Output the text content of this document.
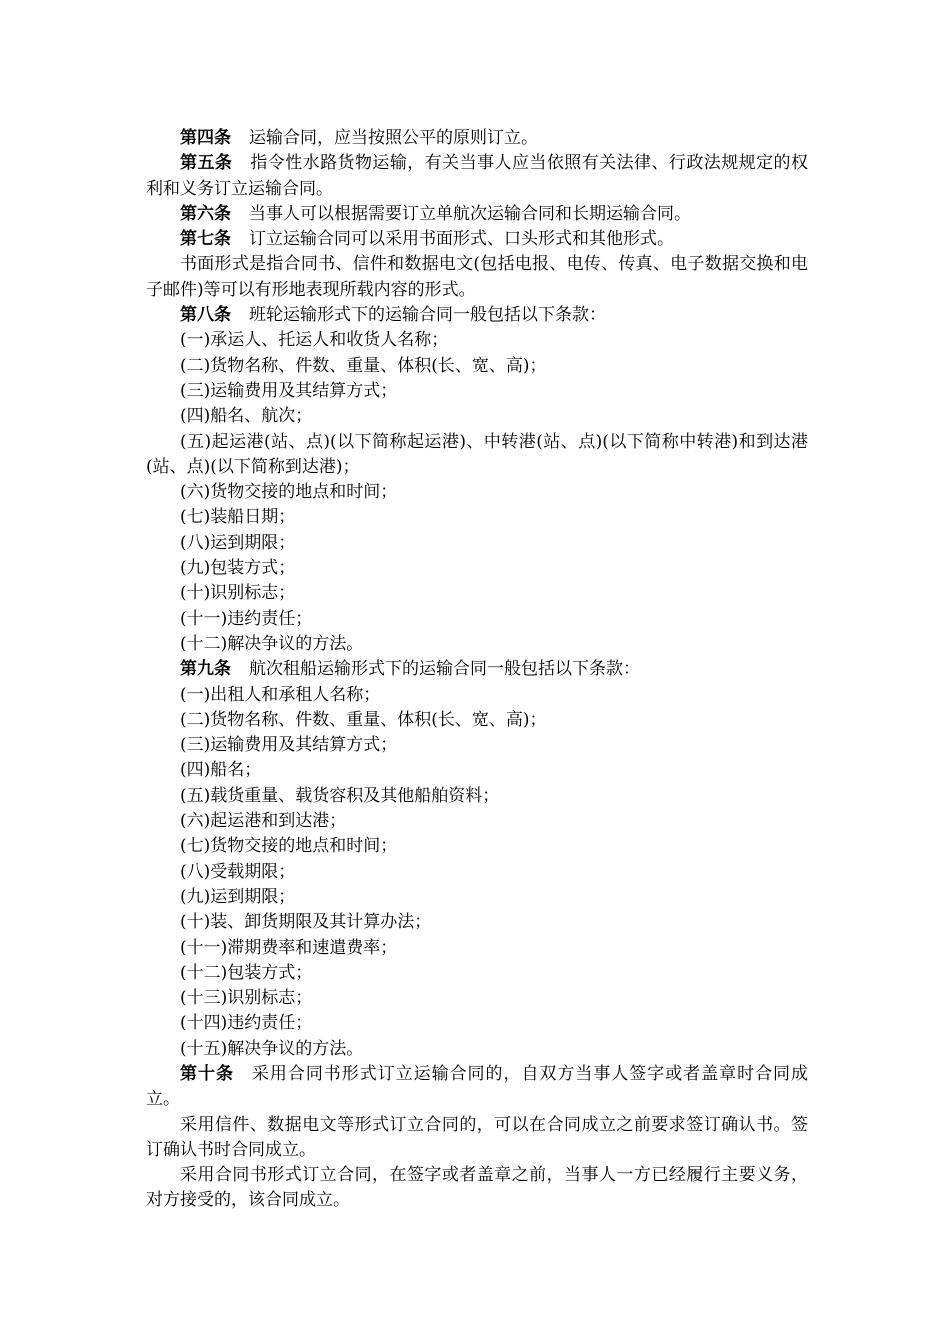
第四条 运输合同，应当按照公平的原则订立。

第五条 指令性水路货物运输，有关当事人应当依照有关法律、行政法规规定的权利和义务订立运输合同。

第六条 当事人可以根据需要订立单航次运输合同和长期运输合同。

第七条 订立运输合同可以采用书面形式、口头形式和其他形式。

书面形式是指合同书、信件和数据电文(包括电报、电传、传真、电子数据交换和电子邮件)等可以有形地表现所载内容的形式。

第八条 班轮运输形式下的运输合同一般包括以下条款：

(一)承运人、托运人和收货人名称；

(二)货物名称、件数、重量、体积(长、宽、高)；

(三)运输费用及其结算方式；

(四)船名、航次；

(五)起运港(站、点)(以下简称起运港)、中转港(站、点)(以下简称中转港)和到达港(站、点)(以下简称到达港)；

(六)货物交接的地点和时间；

(七)装船日期；

(八)运到期限；

(九)包装方式；

(十)识别标志；

(十一)违约责任；

(十二)解决争议的方法。

第九条 航次租船运输形式下的运输合同一般包括以下条款：

(一)出租人和承租人名称；

(二)货物名称、件数、重量、体积(长、宽、高)；

(三)运输费用及其结算方式；

(四)船名；

(五)载货重量、载货容积及其他船舶资料；

(六)起运港和到达港；

(七)货物交接的地点和时间；

(八)受载期限；

(九)运到期限；

(十)装、卸货期限及其计算办法；

(十一)滞期费率和速遣费率；

(十二)包装方式；

(十三)识别标志；

(十四)违约责任；

(十五)解决争议的方法。

第十条 采用合同书形式订立运输合同的，自双方当事人签字或者盖章时合同成立。

采用信件、数据电文等形式订立合同的，可以在合同成立之前要求签订确认书。签订确认书时合同成立。

采用合同书形式订立合同，在签字或者盖章之前，当事人一方已经履行主要义务，对方接受的，该合同成立。
